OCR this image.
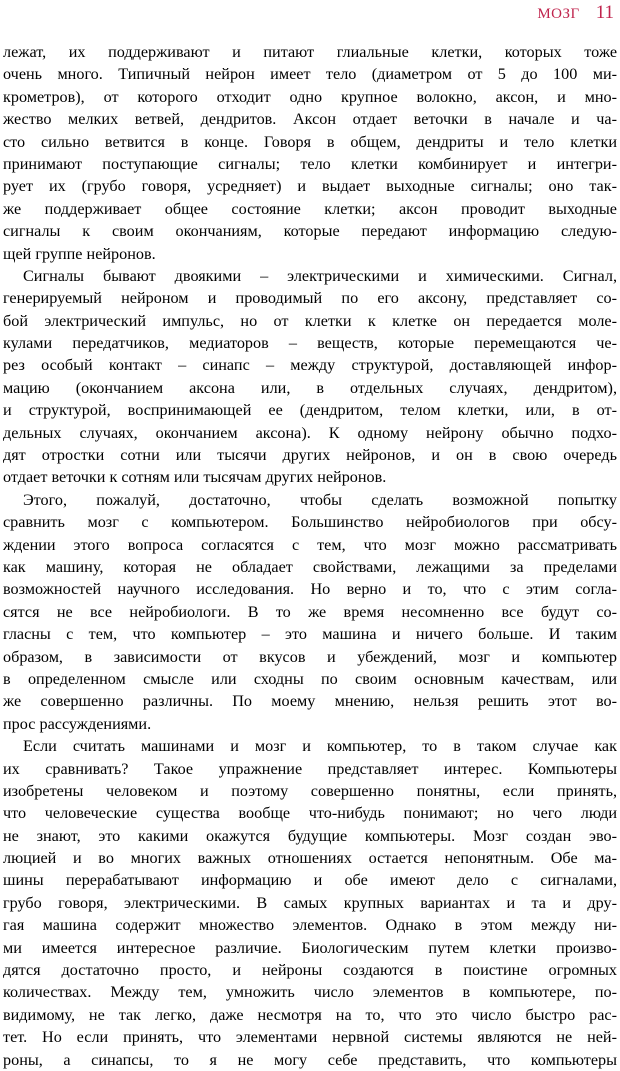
МОЗГ 11
лежат, их поддерживают и питают глиальные клетки, которых тоже
очень много. Типичный нейрон имеет тело (диаметром от 5 до 100 ми-
крометров), от которого отходит одно крупное волокно, аксон, и мно-
жество мелких ветвей, дендритов. Аксон отдает веточки в начале и ча-
сто сильно ветвится в конце. Говоря в общем, дендриты и тело клетки
принимают поступающие сигналы; тело клетки комбинирует и интегри-
рует их (грубо говоря, усредняет) и выдает выходные сигналы; оно так-
же поддерживает общее состояние клетки; аксон проводит выходные
сигналы к своим окончаниям, которые передают информацию следую-
щей группе нейронов.
Сигналы бывают двоякими – электрическими и химическими. Сигнал,
генерируемый нейроном и проводимый по его аксону, представляет со-
бой электрический импульс, но от клетки к клетке он передается моле-
кулами передатчиков, медиаторов – веществ, которые перемещаются че-
рез особый контакт – синапс – между структурой, доставляющей инфор-
мацию (окончанием аксона или, в отдельных случаях, дендритом),
и структурой, воспринимающей ее (дендритом, телом клетки, или, в от-
дельных случаях, окончанием аксона). К одному нейрону обычно подхо-
дят отростки сотни или тысячи других нейронов, и он в свою очередь
отдает веточки к сотням или тысячам других нейронов.
Этого, пожалуй, достаточно, чтобы сделать возможной попытку
сравнить мозг с компьютером. Большинство нейробиологов при обсу-
ждении этого вопроса согласятся с тем, что мозг можно рассматривать
как машину, которая не обладает свойствами, лежащими за пределами
возможностей научного исследования. Но верно и то, что с этим согла-
сятся не все нейробиологи. В то же время несомненно все будут со-
гласны с тем, что компьютер – это машина и ничего больше. И таким
образом, в зависимости от вкусов и убеждений, мозг и компьютер
в определенном смысле или сходны по своим основным качествам, или
же совершенно различны. По моему мнению, нельзя решить этот во-
прос рассуждениями.
Если считать машинами и мозг и компьютер, то в таком случае как
их сравнивать? Такое упражнение представляет интерес. Компьютеры
изобретены человеком и поэтому совершенно понятны, если принять,
что человеческие существа вообще что-нибудь понимают; но чего люди
не знают, это какими окажутся будущие компьютеры. Мозг создан эво-
люцией и во многих важных отношениях остается непонятным. Обе ма-
шины перерабатывают информацию и обе имеют дело с сигналами,
грубо говоря, электрическими. В самых крупных вариантах и та и дру-
гая машина содержит множество элементов. Однако в этом между ни-
ми имеется интересное различие. Биологическим путем клетки произво-
дятся достаточно просто, и нейроны создаются в поистине огромных
количествах. Между тем, умножить число элементов в компьютере, по-
видимому, не так легко, даже несмотря на то, что это число быстро рас-
тет. Но если принять, что элементами нервной системы являются не ней-
роны, а синапсы, то я не могу себе представить, что компьютеры
